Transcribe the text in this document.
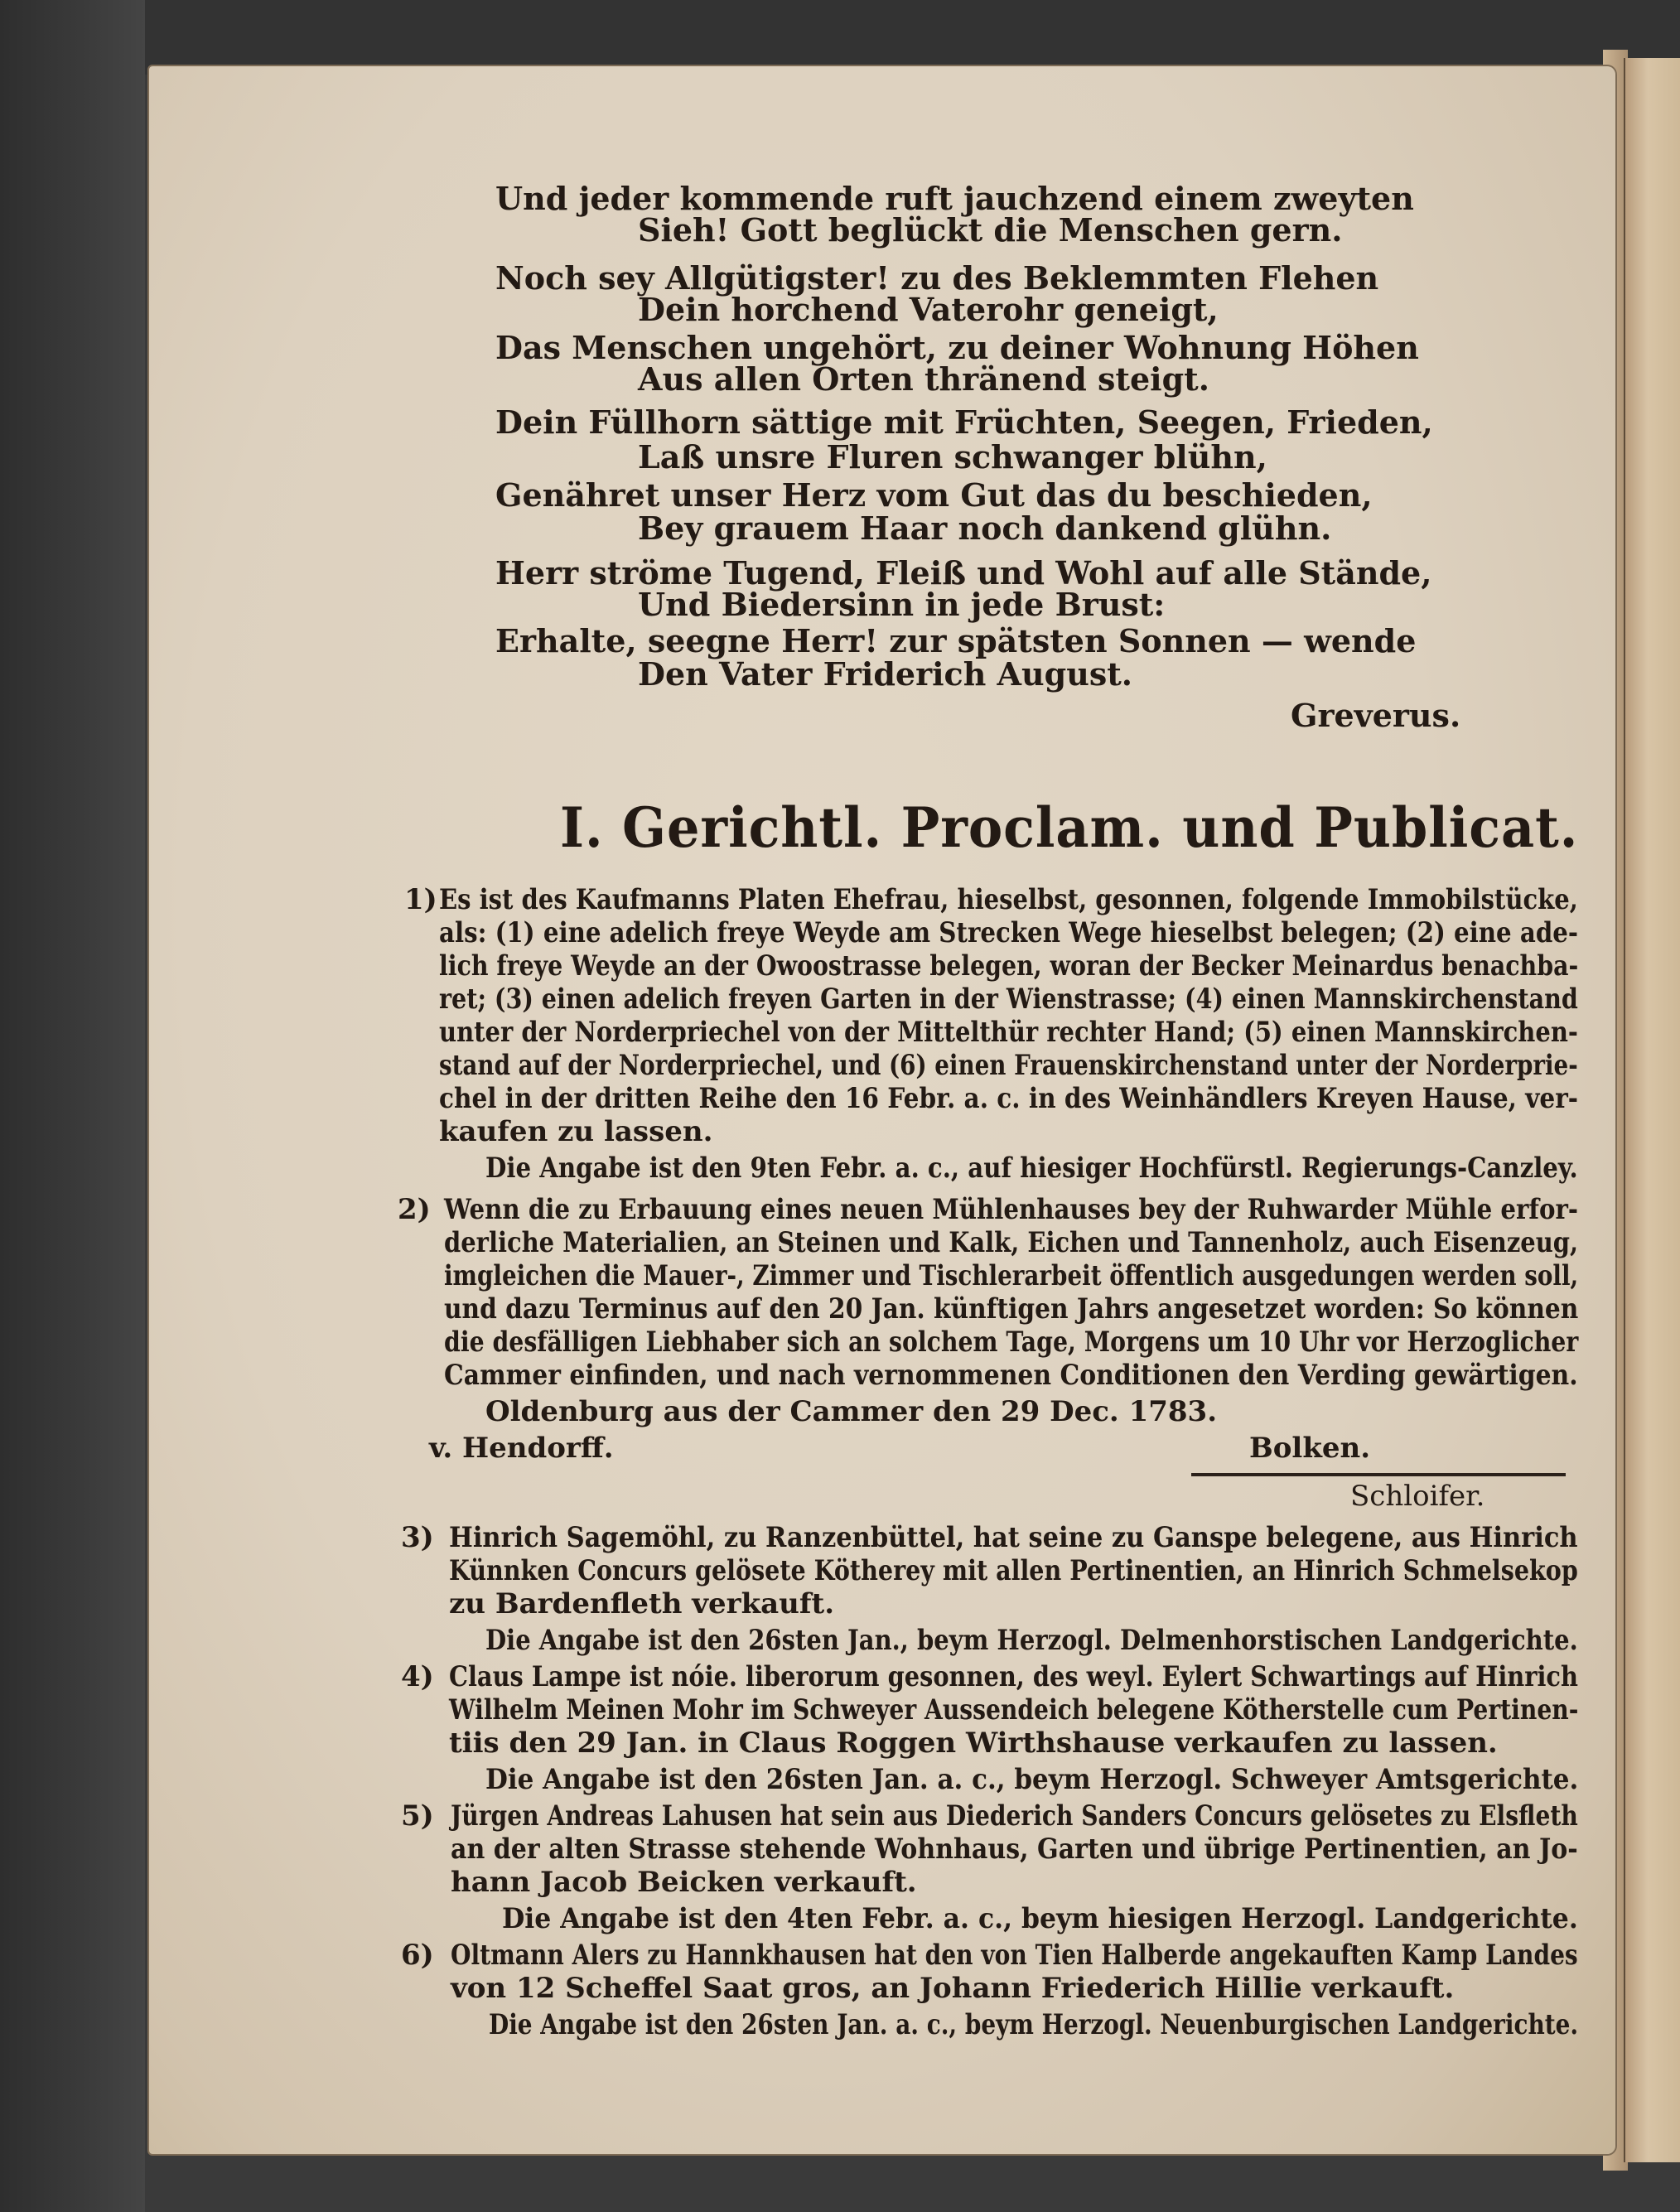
Und jeder kommende ruft jauchzend einem zweyten
Sieh! Gott beglückt die Menschen gern.
Noch sey Allgütigster! zu des Beklemmten Flehen
Dein horchend Vaterohr geneigt,
Das Menschen ungehört, zu deiner Wohnung Höhen
Aus allen Orten thränend steigt.
Dein Füllhorn sättige mit Früchten, Seegen, Frieden,
Laß unsre Fluren schwanger blühn,
Genähret unser Herz vom Gut das du beschieden,
Bey grauem Haar noch dankend glühn.
Herr ströme Tugend, Fleiß und Wohl auf alle Stände,
Und Biedersinn in jede Brust:
Erhalte, seegne Herr! zur spätsten Sonnen — wende
Den Vater Friderich August.
Greverus.
I. Gerichtl. Proclam. und Publicat.
1) Es ist des Kaufmanns Platen Ehefrau, hieselbst, gesonnen, folgende Immobilstücke,
als: (1) eine adelich freye Weyde am Strecken Wege hieselbst belegen; (2) eine ade-
lich freye Weyde an der Owoostrasse belegen, woran der Becker Meinardus benachba-
ret; (3) einen adelich freyen Garten in der Wienstrasse; (4) einen Mannskirchenstand
unter der Norderpriechel von der Mittelthür rechter Hand; (5) einen Mannskirchen-
stand auf der Norderpriechel, und (6) einen Frauenskirchenstand unter der Norderprie-
chel in der dritten Reihe den 16 Febr. a. c. in des Weinhändlers Kreyen Hause, ver-
kaufen zu lassen.
Die Angabe ist den 9ten Febr. a. c., auf hiesiger Hochfürstl. Regierungs-Canzley.
2) Wenn die zu Erbauung eines neuen Mühlenhauses bey der Ruhwarder Mühle erfor-
derliche Materialien, an Steinen und Kalk, Eichen und Tannenholz, auch Eisenzeug,
imgleichen die Mauer-, Zimmer und Tischlerarbeit öffentlich ausgedungen werden soll,
und dazu Terminus auf den 20 Jan. künftigen Jahrs angesetzet worden: So können
die desfälligen Liebhaber sich an solchem Tage, Morgens um 10 Uhr vor Herzoglicher
Cammer einfinden, und nach vernommenen Conditionen den Verding gewärtigen.
Oldenburg aus der Cammer den 29 Dec. 1783.
v. Hendorff.	Bolken.
Schloifer.
3) Hinrich Sagemöhl, zu Ranzenbüttel, hat seine zu Ganspe belegene, aus Hinrich
Künnken Concurs gelösete Kötherey mit allen Pertinentien, an Hinrich Schmelsekop
zu Bardenfleth verkauft.
Die Angabe ist den 26sten Jan., beym Herzogl. Delmenhorstischen Landgerichte.
4) Claus Lampe ist nóie. liberorum gesonnen, des weyl. Eylert Schwartings auf Hinrich
Wilhelm Meinen Mohr im Schweyer Aussendeich belegene Kötherstelle cum Pertinen-
tiis den 29 Jan. in Claus Roggen Wirthshause verkaufen zu lassen.
Die Angabe ist den 26sten Jan. a. c., beym Herzogl. Schweyer Amtsgerichte.
5) Jürgen Andreas Lahusen hat sein aus Diederich Sanders Concurs gelösetes zu Elsfleth
an der alten Strasse stehende Wohnhaus, Garten und übrige Pertinentien, an Jo-
hann Jacob Beicken verkauft.
Die Angabe ist den 4ten Febr. a. c., beym hiesigen Herzogl. Landgerichte.
6) Oltmann Alers zu Hannkhausen hat den von Tien Halberde angekauften Kamp Landes
von 12 Scheffel Saat gros, an Johann Friederich Hillie verkauft.
Die Angabe ist den 26sten Jan. a. c., beym Herzogl. Neuenburgischen Landgerichte.
